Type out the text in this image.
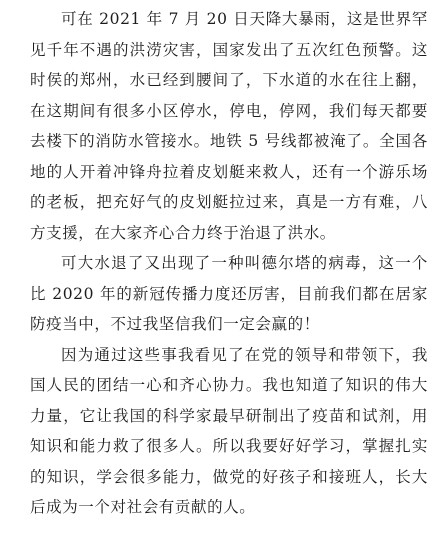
可在 2021 年 7 月 20 日天降大暴雨，这是世界罕见千年不遇的洪涝灾害，国家发出了五次红色预警。这时侯的郑州，水已经到腰间了，下水道的水在往上翻，在这期间有很多小区停水，停电，停网，我们每天都要去楼下的消防水管接水。地铁 5 号线都被淹了。全国各地的人开着冲锋舟拉着皮划艇来救人，还有一个游乐场的老板，把充好气的皮划艇拉过来，真是一方有难，八方支援，在大家齐心合力终于治退了洪水。

可大水退了又出现了一种叫德尔塔的病毒，这一个比 2020 年的新冠传播力度还厉害，目前我们都在居家防疫当中，不过我坚信我们一定会赢的！

因为通过这些事我看见了在党的领导和带领下，我国人民的团结一心和齐心协力。我也知道了知识的伟大力量，它让我国的科学家最早研制出了疫苗和试剂，用知识和能力救了很多人。所以我要好好学习，掌握扎实的知识，学会很多能力，做党的好孩子和接班人，长大后成为一个对社会有贡献的人。
